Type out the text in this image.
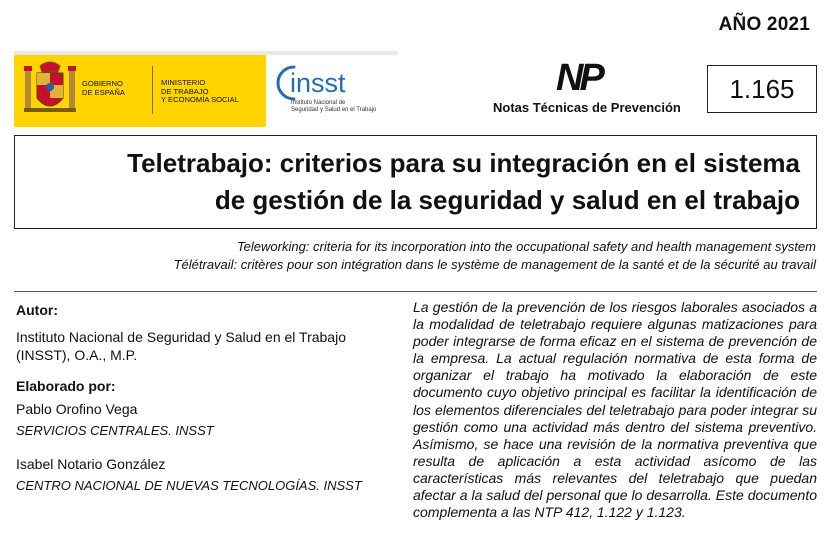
AÑO 2021
GOBIERNO
DE ESPAÑA
MINISTERIO
DE TRABAJO
Y ECONOMÍA SOCIAL
insst
Instituto Nacional de
Seguridad y Salud en el Trabajo
NP
Notas Técnicas de Prevención
1.165
Teletrabajo: criterios para su integración en el sistema
de gestión de la seguridad y salud en el trabajo
Teleworking: criteria for its incorporation into the occupational safety and health management system
Télétravail: critères pour son intégration dans le système de management de la santé et de la sécurité au travail
Autor:
Instituto Nacional de Seguridad y Salud en el Trabajo
(INSST), O.A., M.P.
Elaborado por:
Pablo Orofino Vega
SERVICIOS CENTRALES. INSST
Isabel Notario González
CENTRO NACIONAL DE NUEVAS TECNOLOGÍAS. INSST
La gestión de la prevención de los riesgos laborales asociados a la modalidad de teletrabajo requiere algunas matizaciones para poder integrarse de forma eficaz en el sistema de prevención de la empresa. La actual regulación normativa de esta forma de organizar el trabajo ha motivado la elaboración de este documento cuyo objetivo principal es facilitar la identificación de los elementos diferenciales del teletrabajo para poder integrar su gestión como una actividad más dentro del sistema preventivo. Asímismo, se hace una revisión de la normativa preventiva que resulta de aplicación a esta actividad asícomo de las características más relevantes del teletrabajo que puedan afectar a la salud del personal que lo desarrolla. Este documento complementa a las NTP 412, 1.122 y 1.123.
